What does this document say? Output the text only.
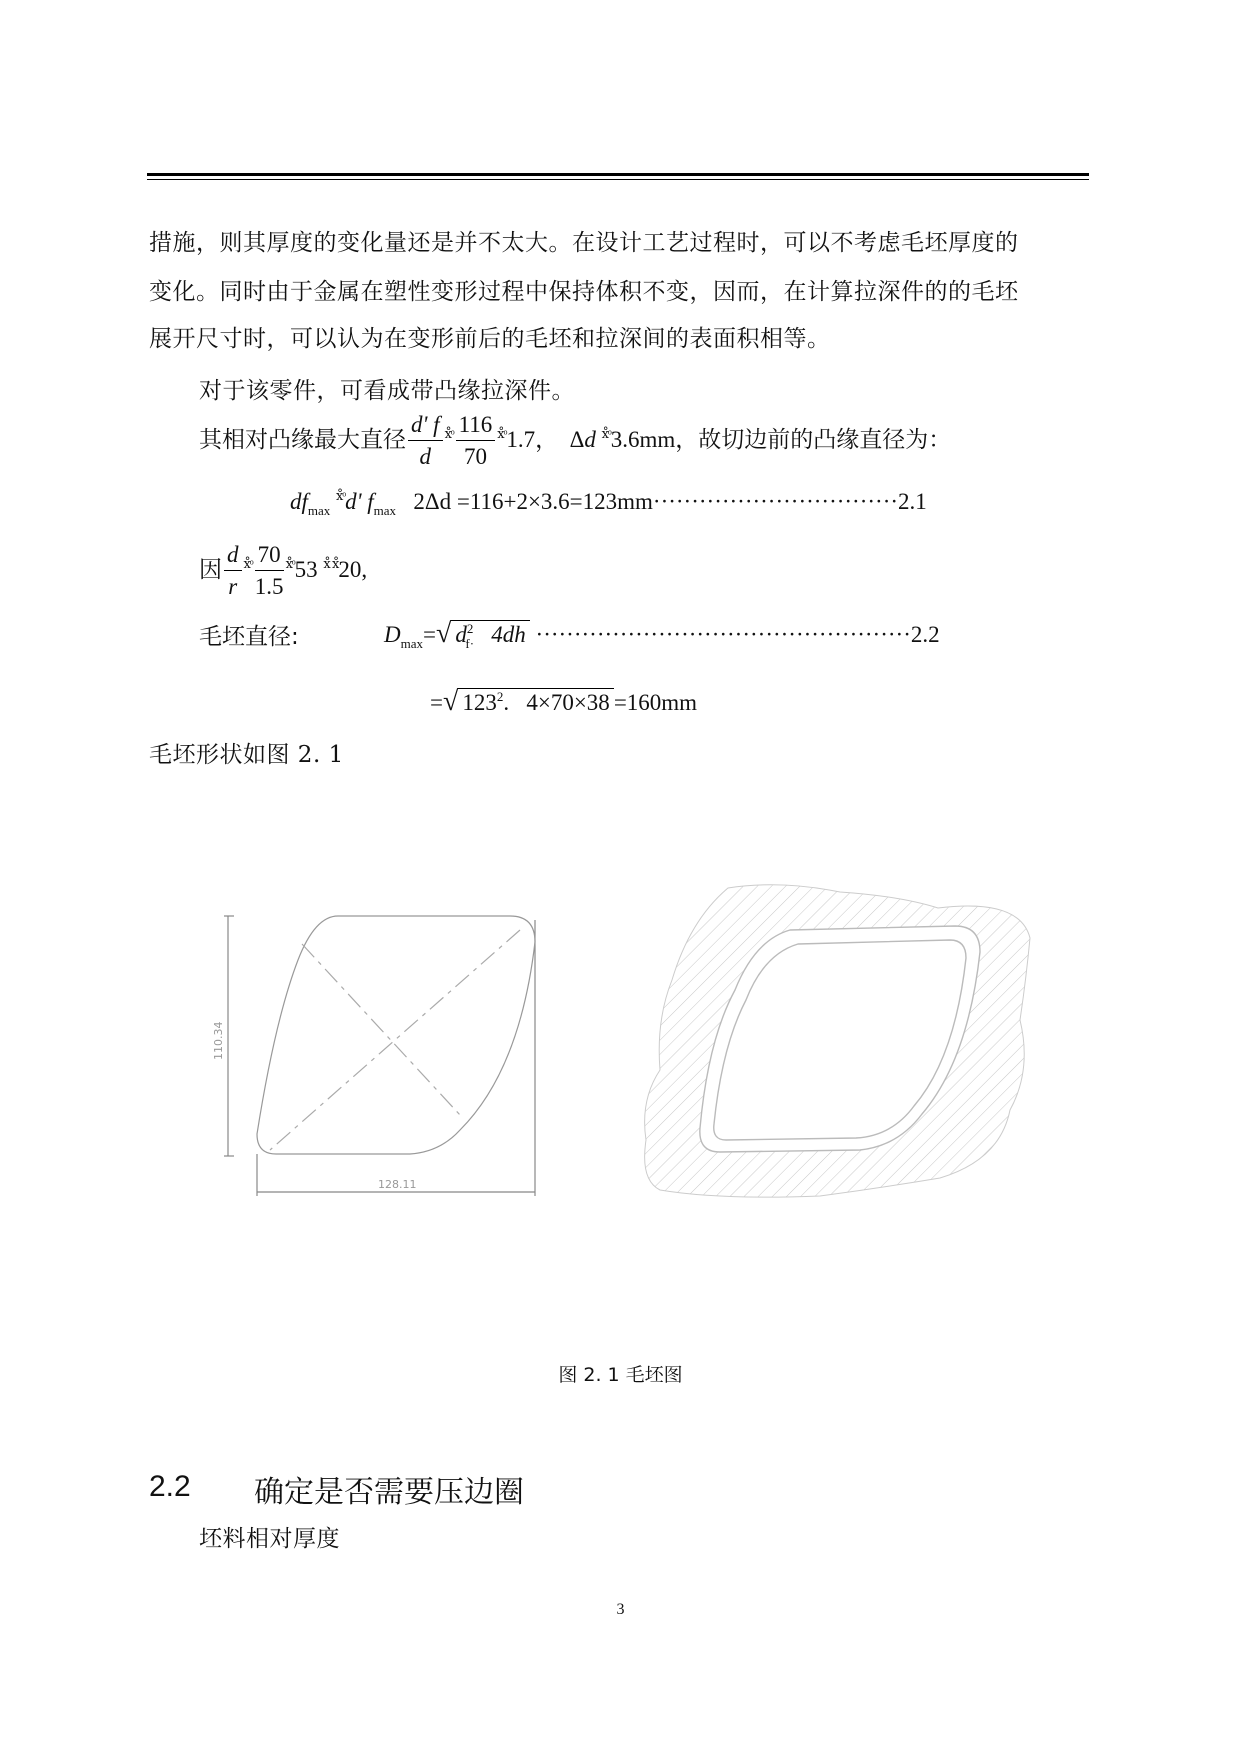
措施，则其厚度的变化量还是并不太大。在设计工艺过程时，可以不考虑毛坯厚度的
变化。同时由于金属在塑性变形过程中保持体积不变，因而，在计算拉深件的的毛坯
展开尺寸时，可以认为在变形前后的毛坯和拉深间的表面积相等。
对于该零件，可看成带凸缘拉深件。
其相对凸缘最大直径 $\frac{d' f}{d} ^{ⅹ̊ᵒ} \frac{116}{70} ^{ⅹ̊ᵒ}1.7$， Δd $^{ⅹ̊ᵒ}$3.6mm，故切边前的凸缘直径为：
$df_{max}$ $^{ⅹ̊ᵒ}$d' $f_{max}$ 2Δd =116+2×3.6=123mm································2.1
因 $\frac{d}{r} ^{ⅹ̊ᵒ} \frac{70}{1.5} ^{ⅹ̊ᵒ}53$ $^{ⅹ̊ ⅹ̊}$20,
毛坯直径:	$D_{max}=√$ $d^2_{f\cdot}$ 4dh ·················································2.2
=√ $123^2$. 4×70×38 =160mm
毛坯形状如图 2. 1
110.34
128.11
图 2. 1 毛坯图
2.2 确定是否需要压边圈
坯料相对厚度
3
